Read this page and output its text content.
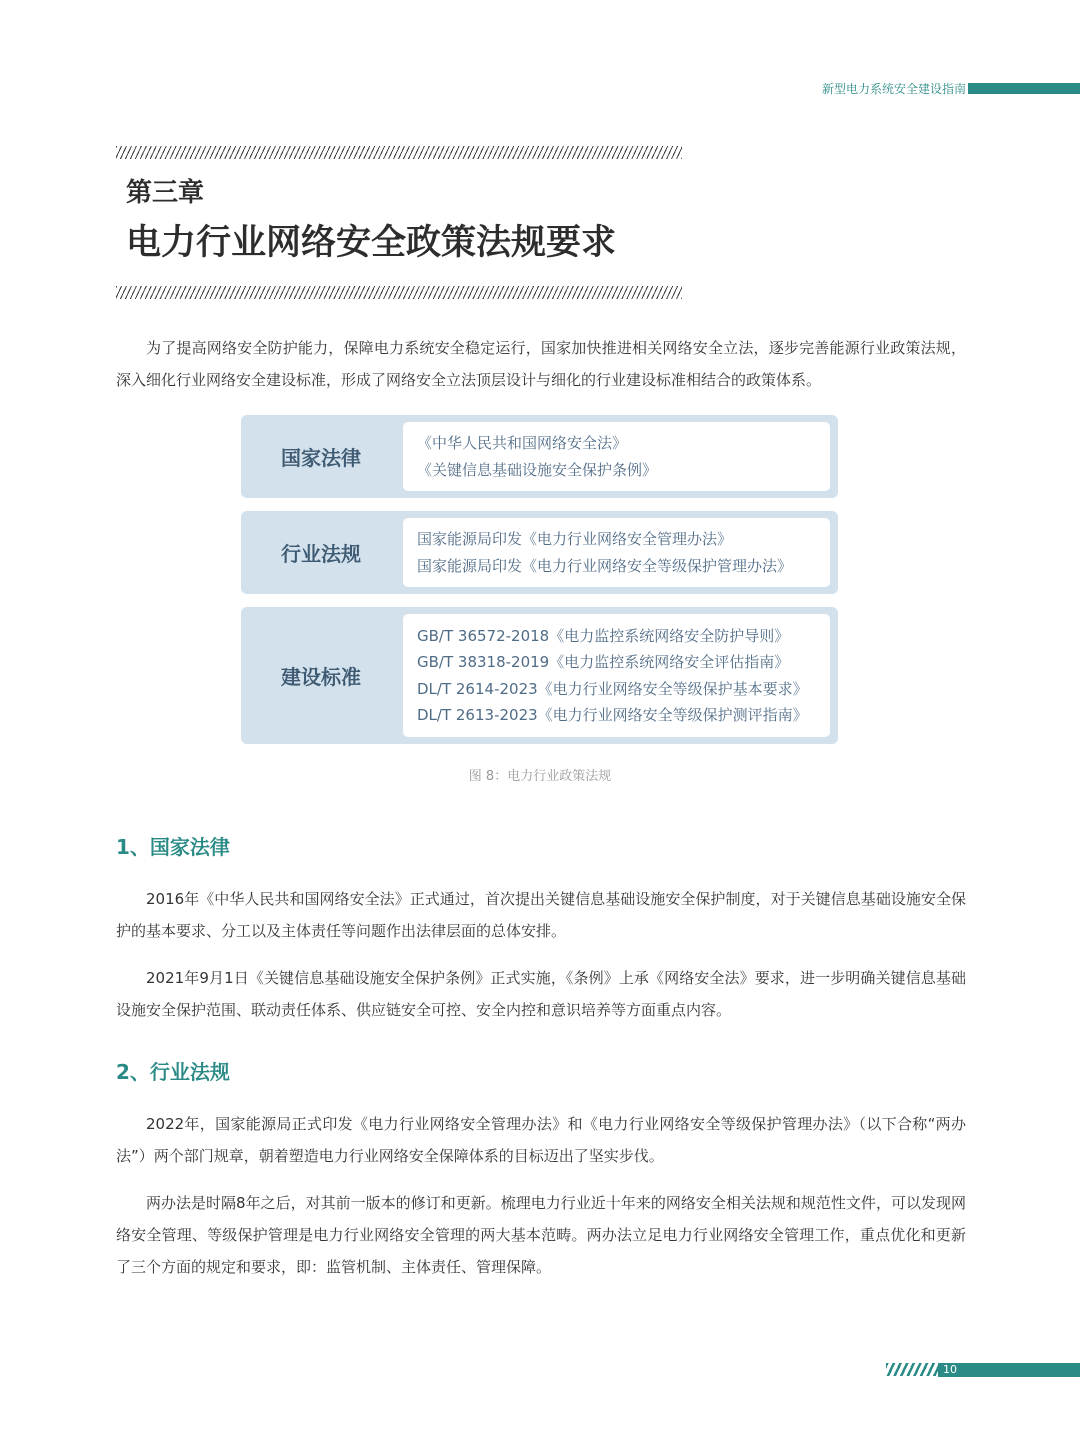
新型电力系统安全建设指南
第三章
电力行业网络安全政策法规要求

为了提高网络安全防护能力，保障电力系统安全稳定运行，国家加快推进相关网络安全立法，逐步完善能源行业政策法规，深入细化行业网络安全建设标准，形成了网络安全立法顶层设计与细化的行业建设标准相结合的政策体系。

国家法律
《中华人民共和国网络安全法》
《关键信息基础设施安全保护条例》
行业法规
国家能源局印发《电力行业网络安全管理办法》
国家能源局印发《电力行业网络安全等级保护管理办法》
建设标准
GB/T 36572-2018《电力监控系统网络安全防护导则》
GB/T 38318-2019《电力监控系统网络安全评估指南》
DL/T 2614-2023《电力行业网络安全等级保护基本要求》
DL/T 2613-2023《电力行业网络安全等级保护测评指南》
图 8：电力行业政策法规
1、国家法律

2016年《中华人民共和国网络安全法》正式通过，首次提出关键信息基础设施安全保护制度，对于关键信息基础设施安全保护的基本要求、分工以及主体责任等问题作出法律层面的总体安排。

2021年9月1日《关键信息基础设施安全保护条例》正式实施，《条例》上承《网络安全法》要求，进一步明确关键信息基础设施安全保护范围、联动责任体系、供应链安全可控、安全内控和意识培养等方面重点内容。

2、行业法规

2022年，国家能源局正式印发《电力行业网络安全管理办法》和《电力行业网络安全等级保护管理办法》（以下合称“两办法”）两个部门规章，朝着塑造电力行业网络安全保障体系的目标迈出了坚实步伐。

两办法是时隔8年之后，对其前一版本的修订和更新。梳理电力行业近十年来的网络安全相关法规和规范性文件，可以发现网络安全管理、等级保护管理是电力行业网络安全管理的两大基本范畴。两办法立足电力行业网络安全管理工作，重点优化和更新了三个方面的规定和要求，即：监管机制、主体责任、管理保障。

10
